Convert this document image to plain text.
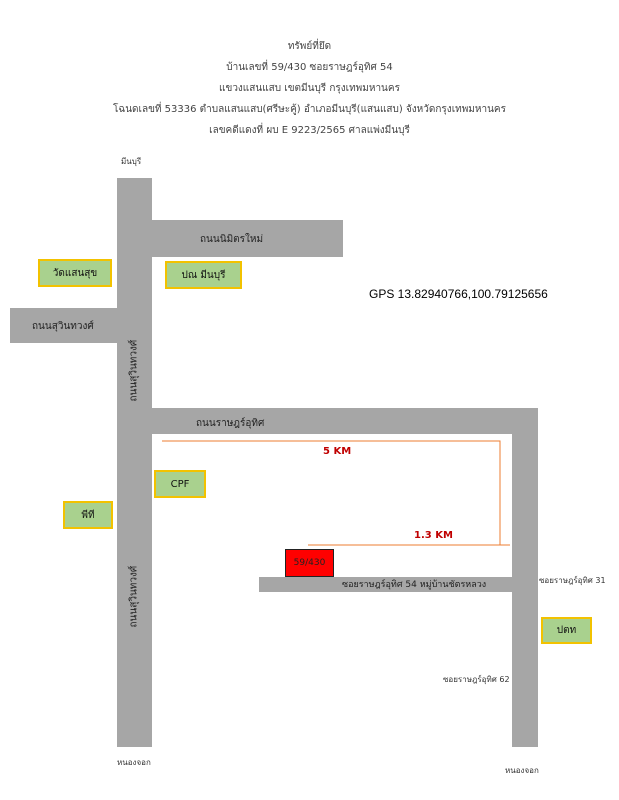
ทรัพย์ที่ยึด
บ้านเลขที่ 59/430 ซอยราษฎร์อุทิศ 54
แขวงแสนแสบ เขตมีนบุรี กรุงเทพมหานคร
โฉนดเลขที่ 53336 ตำบลแสนแสบ(ศรีษะคู้) อำเภอมีนบุรี(แสนแสบ) จังหวัดกรุงเทพมหานคร
เลขคดีแดงที่ ผบ E 9223/2565 ศาลแพ่งมีนบุรี
มีนบุรี
ถนนนิมิตรใหม่
ถนนสุวินทวงศ์
ถนนสุวินทวงศ์
ถนนราษฎร์อุทิศ
ถนนสุวินทวงศ์	ซอยราษฎร์อุทิศ 54 หมู่บ้านชัตรหลวง	ซอยราษฎร์อุทิศ 31
ซอยราษฎร์อุทิศ 62
หนองจอก
หนองจอก
วัดแสนสุข	ปณ มีนบุรี
CPF
พีที
ปตท
GPS 13.82940766,100.79125656
5 KM
1.3 KM
59/430
